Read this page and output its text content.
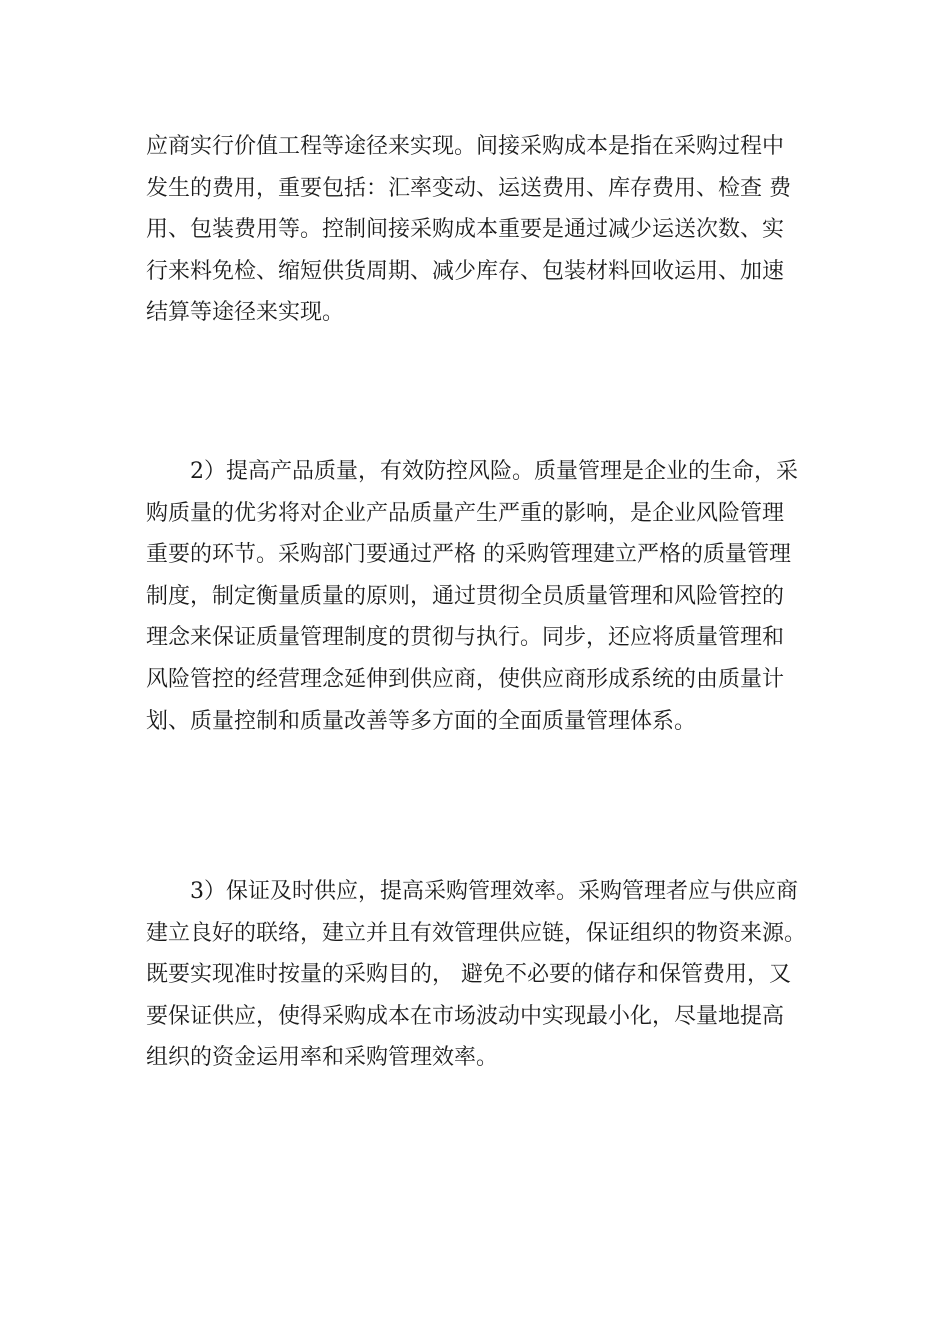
应商实行价值工程等途径来实现。间接采购成本是指在采购过程中
发生的费用，重要包括：汇率变动、运送费用、库存费用、检查 费
用、包装费用等。控制间接采购成本重要是通过减少运送次数、实
行来料免检、缩短供货周期、减少库存、包装材料回收运用、加速
结算等途径来实现。
2）提高产品质量，有效防控风险。质量管理是企业的生命，采
购质量的优劣将对企业产品质量产生严重的影响，是企业风险管理
重要的环节。采购部门要通过严格 的采购管理建立严格的质量管理
制度，制定衡量质量的原则，通过贯彻全员质量管理和风险管控的
理念来保证质量管理制度的贯彻与执行。同步，还应将质量管理和
风险管控的经营理念延伸到供应商，使供应商形成系统的由质量计
划、质量控制和质量改善等多方面的全面质量管理体系。
3）保证及时供应，提高采购管理效率。采购管理者应与供应商
建立良好的联络，建立并且有效管理供应链，保证组织的物资来源。
既要实现准时按量的采购目的， 避免不必要的储存和保管费用，又
要保证供应，使得采购成本在市场波动中实现最小化，尽量地提高
组织的资金运用率和采购管理效率。
